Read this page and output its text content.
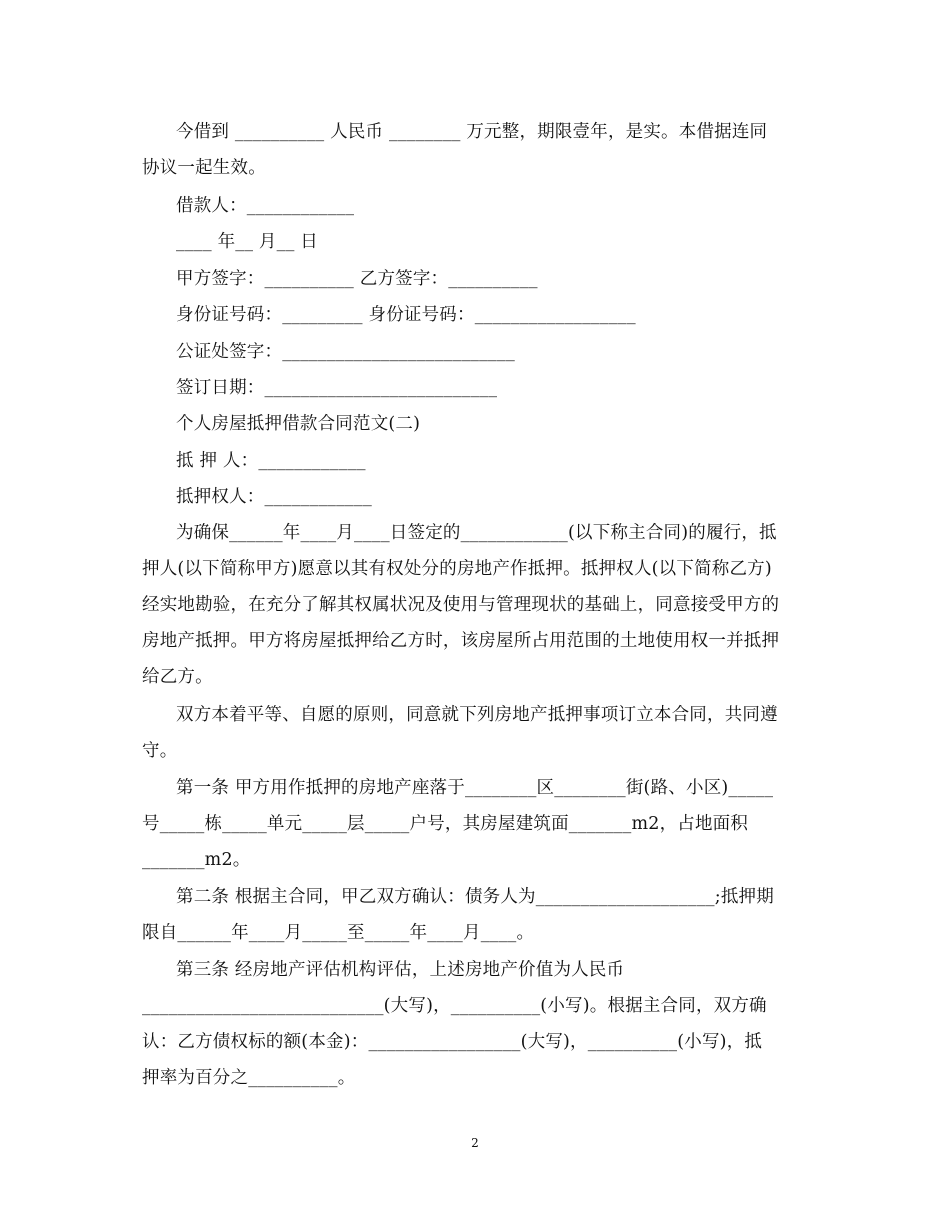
今借到 __________ 人民币 ________ 万元整，期限壹年，是实。本借据连同
协议一起生效。
借款人：____________
____ 年__ 月__ 日
甲方签字：__________ 乙方签字：__________
身份证号码：_________ 身份证号码：__________________
公证处签字：__________________________
签订日期：__________________________
个人房屋抵押借款合同范文(二)
抵 押 人：____________
抵押权人：____________
为确保______年____月____日签定的____________(以下称主合同)的履行，抵
押人(以下简称甲方)愿意以其有权处分的房地产作抵押。抵押权人(以下简称乙方)
经实地勘验，在充分了解其权属状况及使用与管理现状的基础上，同意接受甲方的
房地产抵押。甲方将房屋抵押给乙方时，该房屋所占用范围的土地使用权一并抵押
给乙方。
双方本着平等、自愿的原则，同意就下列房地产抵押事项订立本合同，共同遵
守。
第一条 甲方用作抵押的房地产座落于________区________街(路、小区)_____
号_____栋_____单元_____层_____户号，其房屋建筑面_______m2，占地面积
_______m2。
第二条 根据主合同，甲乙双方确认：债务人为____________________;抵押期
限自______年____月_____至_____年____月____。
第三条 经房地产评估机构评估，上述房地产价值为人民币
___________________________(大写)，__________(小写)。根据主合同，双方确
认：乙方债权标的额(本金)：_________________(大写)，__________(小写)，抵
押率为百分之__________。
2
